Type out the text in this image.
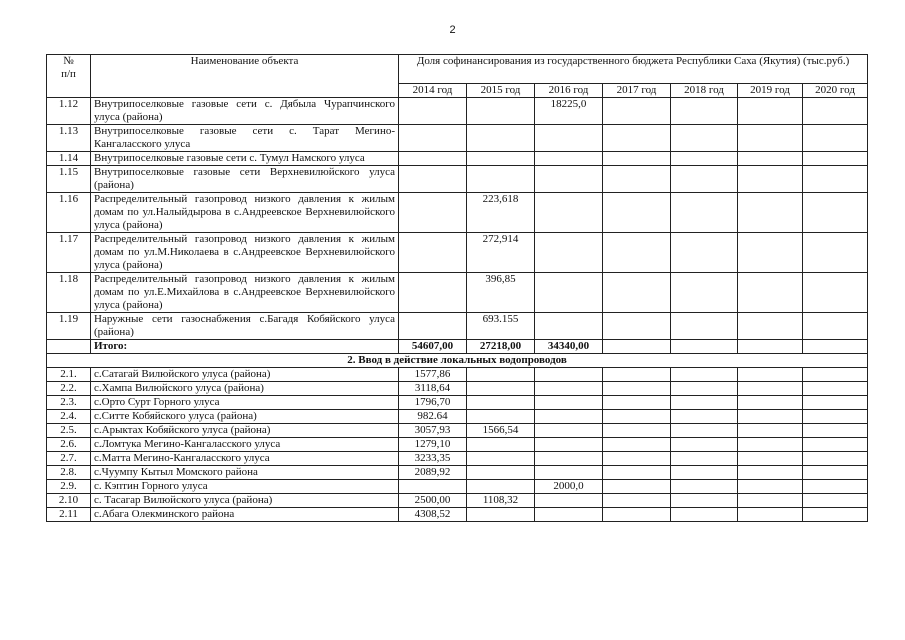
2
№
п/п	Наименование объекта	Доля софинансирования из государственного бюджета Республики Саха (Якутия) (тыс.руб.)						
		2014 год	2015 год	2016 год	2017 год	2018 год	2019 год	2020 год
1.12	Внутрипоселковые газовые сети с. Дябыла Чурапчинского улуса (района)			18225,0				
1.13	Внутрипоселковые газовые сети с. Тарат Мегино-Кангаласского улуса							
1.14	Внутрипоселковые газовые сети с. Тумул Намского улуса							
1.15	Внутрипоселковые газовые сети Верхневилюйского улуса (района)							
1.16	Распределительный газопровод низкого давления к жилым домам по ул.Налыйдырова в с.Андреевское Верхневилюйского улуса (района)		223,618					
1.17	Распределительный газопровод низкого давления к жилым домам по ул.М.Николаева в с.Андреевское Верхневилюйского улуса (района)		272,914					
1.18	Распределительный газопровод низкого давления к жилым домам по ул.Е.Михайлова в с.Андреевское Верхневилюйского улуса (района)		396,85					
1.19	Наружные сети газоснабжения с.Багадя Кобяйского улуса (района)		693.155					
	Итого:	54607,00	27218,00	34340,00				
2. Ввод в действие локальных водопроводов								
2.1.	с.Сатагай Вилюйского улуса (района)	1577,86						
2.2.	с.Хампа Вилюйского улуса (района)	3118,64						
2.3.	с.Орто Сурт Горного улуса	1796,70						
2.4.	с.Ситте Кобяйского улуса (района)	982.64						
2.5.	с.Арыктах Кобяйского улуса (района)	3057,93	1566,54					
2.6.	с.Ломтука Мегино-Кангаласского улуса	1279,10						
2.7.	с.Матта Мегино-Кангаласского улуса	3233,35						
2.8.	с.Чуумпу Кытыл Момского района	2089,92						
2.9.	с. Кэптин Горного улуса			2000,0				
2.10	с. Тасагар Вилюйского улуса (района)	2500,00	1108,32					
2.11	с.Абага Олекминского района	4308,52						
